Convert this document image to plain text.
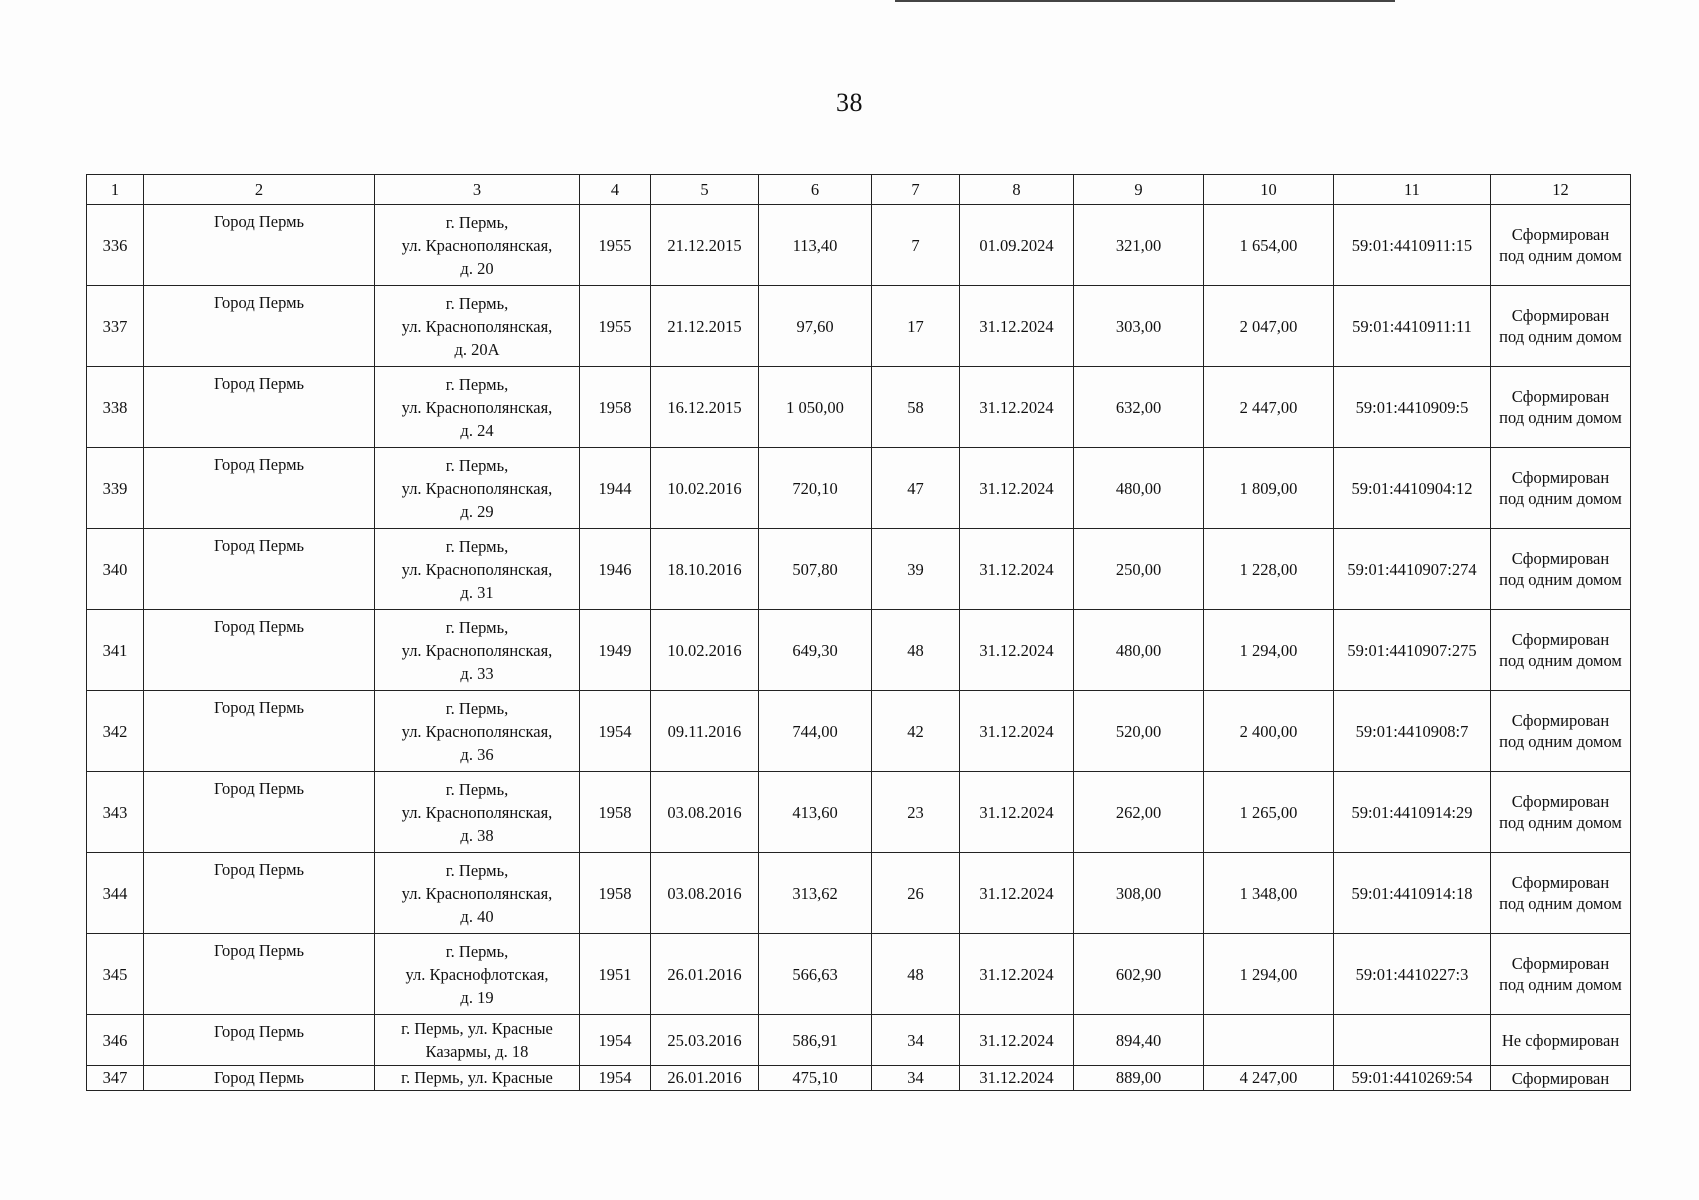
38
1	2	3	4	5	6	7	8	9	10	11	12
336	Город Пермь	г. Пермь,
ул. Краснополянская,
д. 20	1955	21.12.2015	113,40	7	01.09.2024	321,00	1 654,00	59:01:4410911:15	Сформирован
под одним домом

337	Город Пермь	г. Пермь,
ул. Краснополянская,
д. 20А	1955	21.12.2015	97,60	17	31.12.2024	303,00	2 047,00	59:01:4410911:11	Сформирован
под одним домом

338	Город Пермь	г. Пермь,
ул. Краснополянская,
д. 24	1958	16.12.2015	1 050,00	58	31.12.2024	632,00	2 447,00	59:01:4410909:5	Сформирован
под одним домом

339	Город Пермь	г. Пермь,
ул. Краснополянская,
д. 29	1944	10.02.2016	720,10	47	31.12.2024	480,00	1 809,00	59:01:4410904:12	Сформирован
под одним домом

340	Город Пермь	г. Пермь,
ул. Краснополянская,
д. 31	1946	18.10.2016	507,80	39	31.12.2024	250,00	1 228,00	59:01:4410907:274	Сформирован
под одним домом

341	Город Пермь	г. Пермь,
ул. Краснополянская,
д. 33	1949	10.02.2016	649,30	48	31.12.2024	480,00	1 294,00	59:01:4410907:275	Сформирован
под одним домом

342	Город Пермь	г. Пермь,
ул. Краснополянская,
д. 36	1954	09.11.2016	744,00	42	31.12.2024	520,00	2 400,00	59:01:4410908:7	Сформирован
под одним домом

343	Город Пермь	г. Пермь,
ул. Краснополянская,
д. 38	1958	03.08.2016	413,60	23	31.12.2024	262,00	1 265,00	59:01:4410914:29	Сформирован
под одним домом

344	Город Пермь	г. Пермь,
ул. Краснополянская,
д. 40	1958	03.08.2016	313,62	26	31.12.2024	308,00	1 348,00	59:01:4410914:18	Сформирован
под одним домом

345	Город Пермь	г. Пермь,
ул. Краснофлотская,
д. 19	1951	26.01.2016	566,63	48	31.12.2024	602,90	1 294,00	59:01:4410227:3	Сформирован
под одним домом

346	Город Пермь	г. Пермь, ул. Красные
Казармы, д. 18	1954	25.03.2016	586,91	34	31.12.2024	894,40			Не сформирован

347	Город Пермь	г. Пермь, ул. Красные	1954	26.01.2016	475,10	34	31.12.2024	889,00	4 247,00	59:01:4410269:54	Сформирован
